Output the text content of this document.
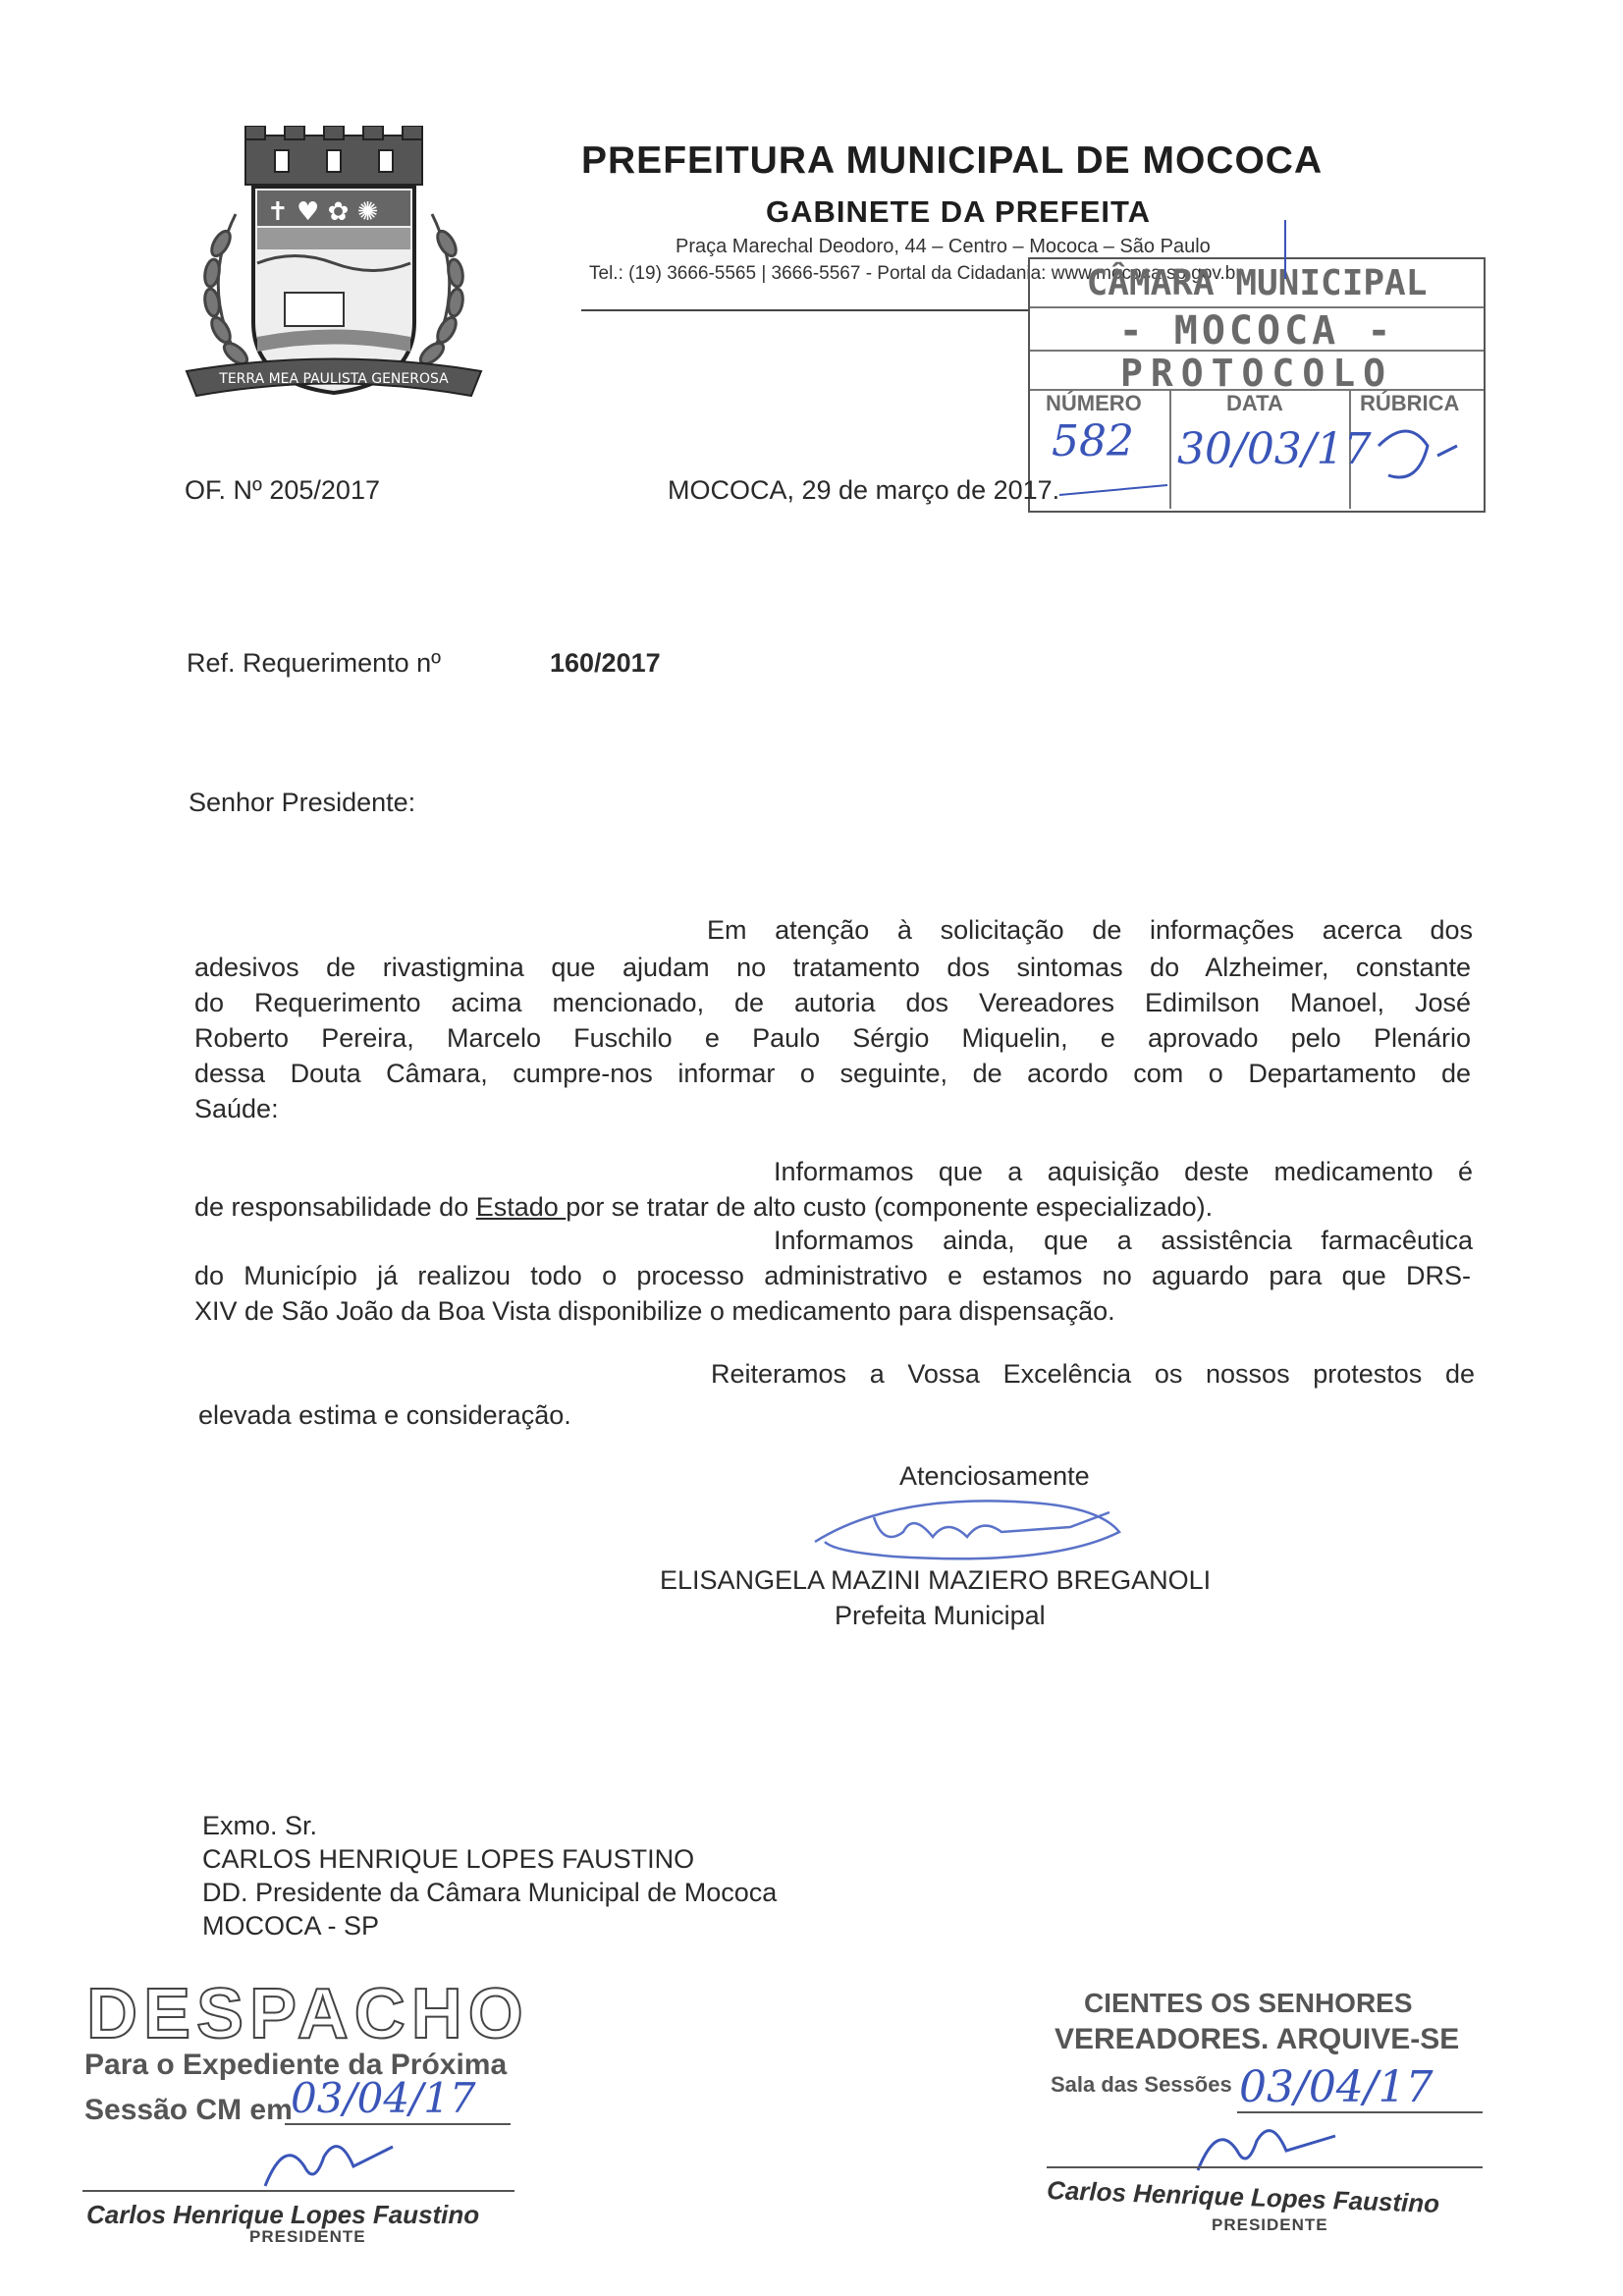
✝ ♥ ✿ ✺
TERRA MEA PAULISTA GENEROSA
PREFEITURA MUNICIPAL DE MOCOCA
GABINETE DA PREFEITA
Praça Marechal Deodoro, 44 – Centro – Mococa – São Paulo
Tel.: (19) 3666-5565 | 3666-5567 - Portal da Cidadania: www.mococa.sp.gov.br
CÂMARA MUNICIPAL
- MOCOCA -
PROTOCOLO
NÚMERO	DATA	RÚBRICA
582 30/03/17
OF. Nº 205/2017	MOCOCA, 29 de março de 2017.
Ref. Requerimento nº	160/2017
Senhor Presidente:
Em atenção à solicitação de informações acerca dos
adesivos de rivastigmina que ajudam no tratamento dos sintomas do Alzheimer, constante
do Requerimento acima mencionado, de autoria dos Vereadores Edimilson Manoel, José
Roberto Pereira, Marcelo Fuschilo e Paulo Sérgio Miquelin, e aprovado pelo Plenário
dessa Douta Câmara, cumpre-nos informar o seguinte, de acordo com o Departamento de
Saúde:
Informamos que a aquisição deste medicamento é
de responsabilidade do Estado por se tratar de alto custo (componente especializado).
Informamos ainda, que a assistência farmacêutica
do Município já realizou todo o processo administrativo e estamos no aguardo para que DRS-
XIV de São João da Boa Vista disponibilize o medicamento para dispensação.
Reiteramos a Vossa Excelência os nossos protestos de
elevada estima e consideração.
Atenciosamente
ELISANGELA MAZINI MAZIERO BREGANOLI
Prefeita Municipal
Exmo. Sr.
CARLOS HENRIQUE LOPES FAUSTINO
DD. Presidente da Câmara Municipal de Mococa
MOCOCA - SP
DESPACHO
Para o Expediente da Próxima
Sessão CM em
03/04/17
Carlos Henrique Lopes Faustino
PRESIDENTE
CIENTES OS SENHORES
VEREADORES. ARQUIVE-SE
Sala das Sessões 03/04/17
Carlos Henrique Lopes Faustino
PRESIDENTE
